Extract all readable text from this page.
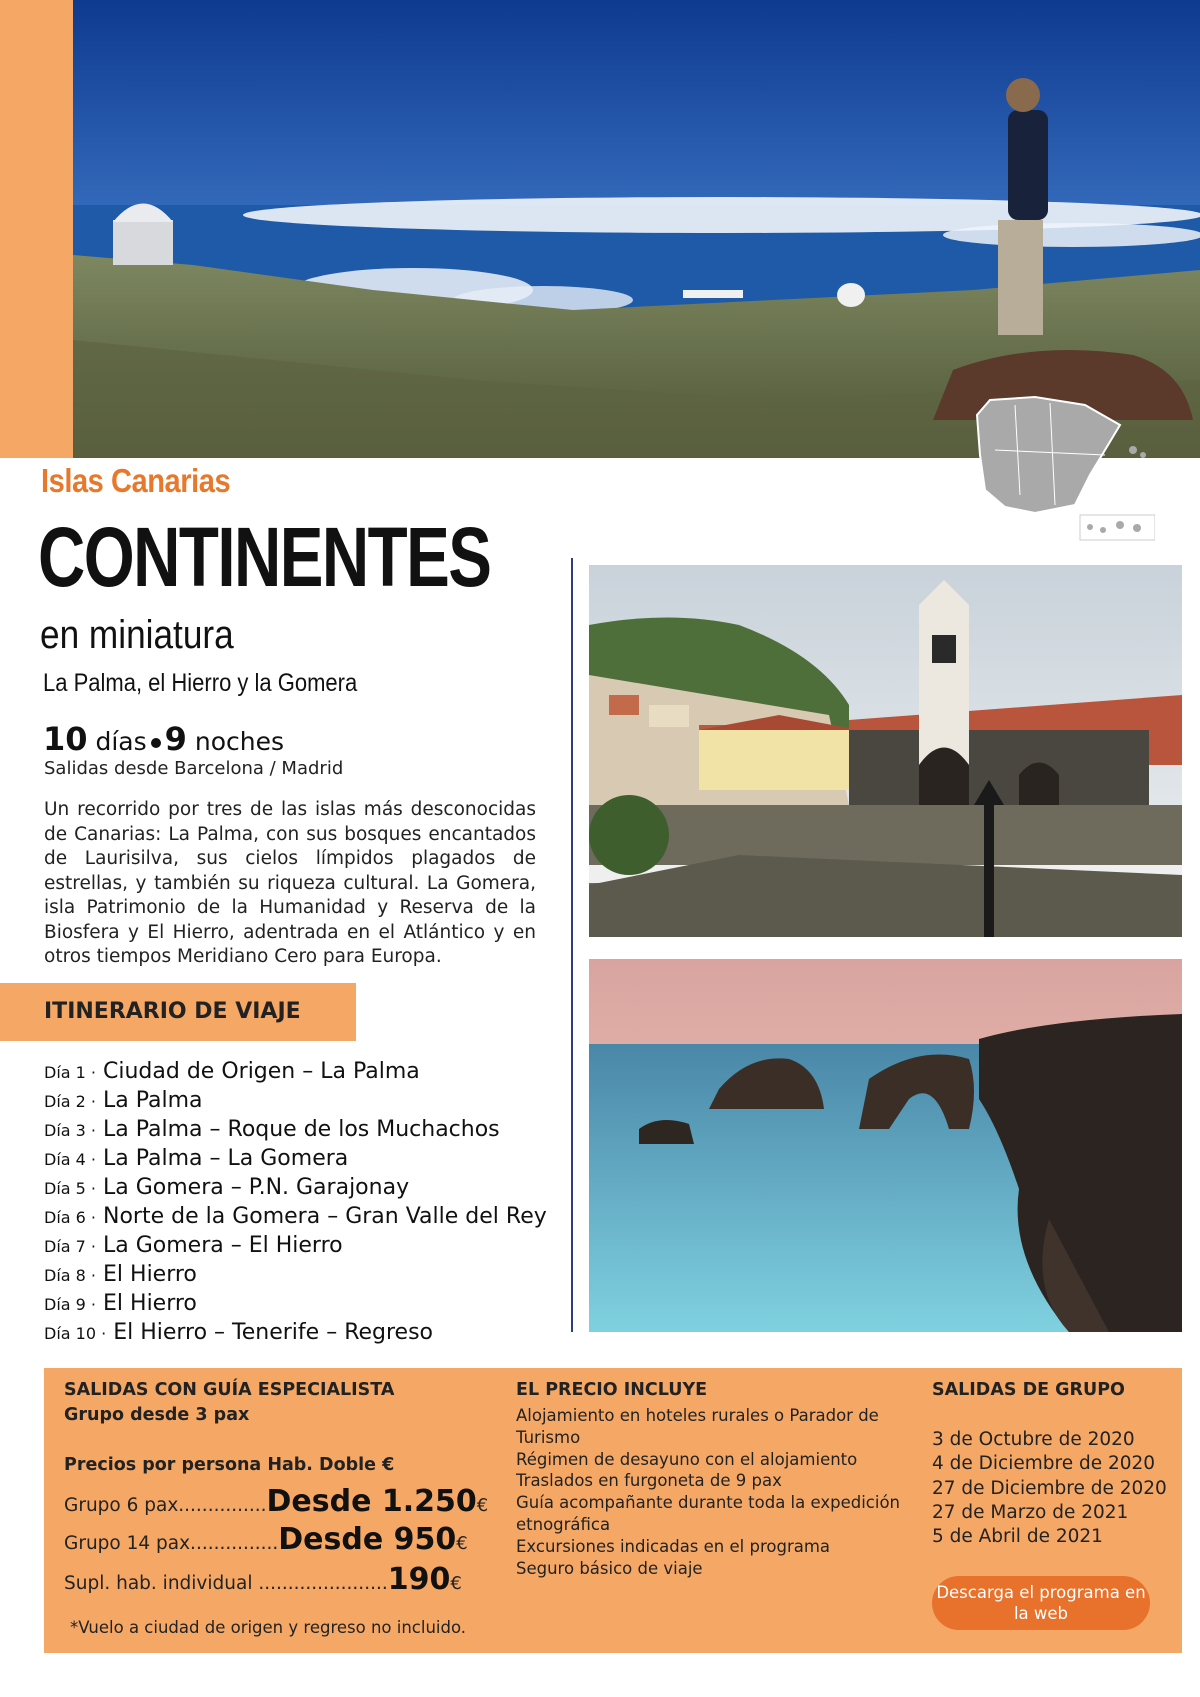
Islas Canarias
CONTINENTES
en miniatura
La Palma, el Hierro y la Gomera
10 días 9 noches
Salidas desde Barcelona / Madrid
Un recorrido por tres de las islas más desconocidas de Canarias: La Palma, con sus bosques encantados de Laurisilva, sus cielos límpidos plagados de estrellas, y también su riqueza cultural. La Gomera, isla Patrimonio de la Humanidad y Reserva de la Biosfera y El Hierro, adentrada en el Atlántico y en otros tiempos Meridiano Cero para Europa.
ITINERARIO DE VIAJE
Día 1 · Ciudad de Origen – La Palma
Día 2 · La Palma
Día 3 · La Palma – Roque de los Muchachos
Día 4 · La Palma – La Gomera
Día 5 · La Gomera – P.N. Garajonay
Día 6 · Norte de la Gomera – Gran Valle del Rey
Día 7 · La Gomera – El Hierro
Día 8 · El Hierro
Día 9 · El Hierro
Día 10 · El Hierro – Tenerife – Regreso
SALIDAS CON GUÍA ESPECIALISTA
Grupo desde 3 pax
Precios por persona Hab. Doble €
Grupo 6 pax...............Desde 1.250€
Grupo 14 pax...............Desde 950€
Supl. hab. individual ......................190€
*Vuelo a ciudad de origen y regreso no incluido.
EL PRECIO INCLUYE
Alojamiento en hoteles rurales o Parador de Turismo
Régimen de desayuno con el alojamiento
Traslados en furgoneta de 9 pax
Guía acompañante durante toda la expedición etnográfica
Excursiones indicadas en el programa
Seguro básico de viaje
SALIDAS DE GRUPO
3 de Octubre de 2020
4 de Diciembre de 2020
27 de Diciembre de 2020
27 de Marzo de 2021
5 de Abril de 2021
Descarga el programa en la web
